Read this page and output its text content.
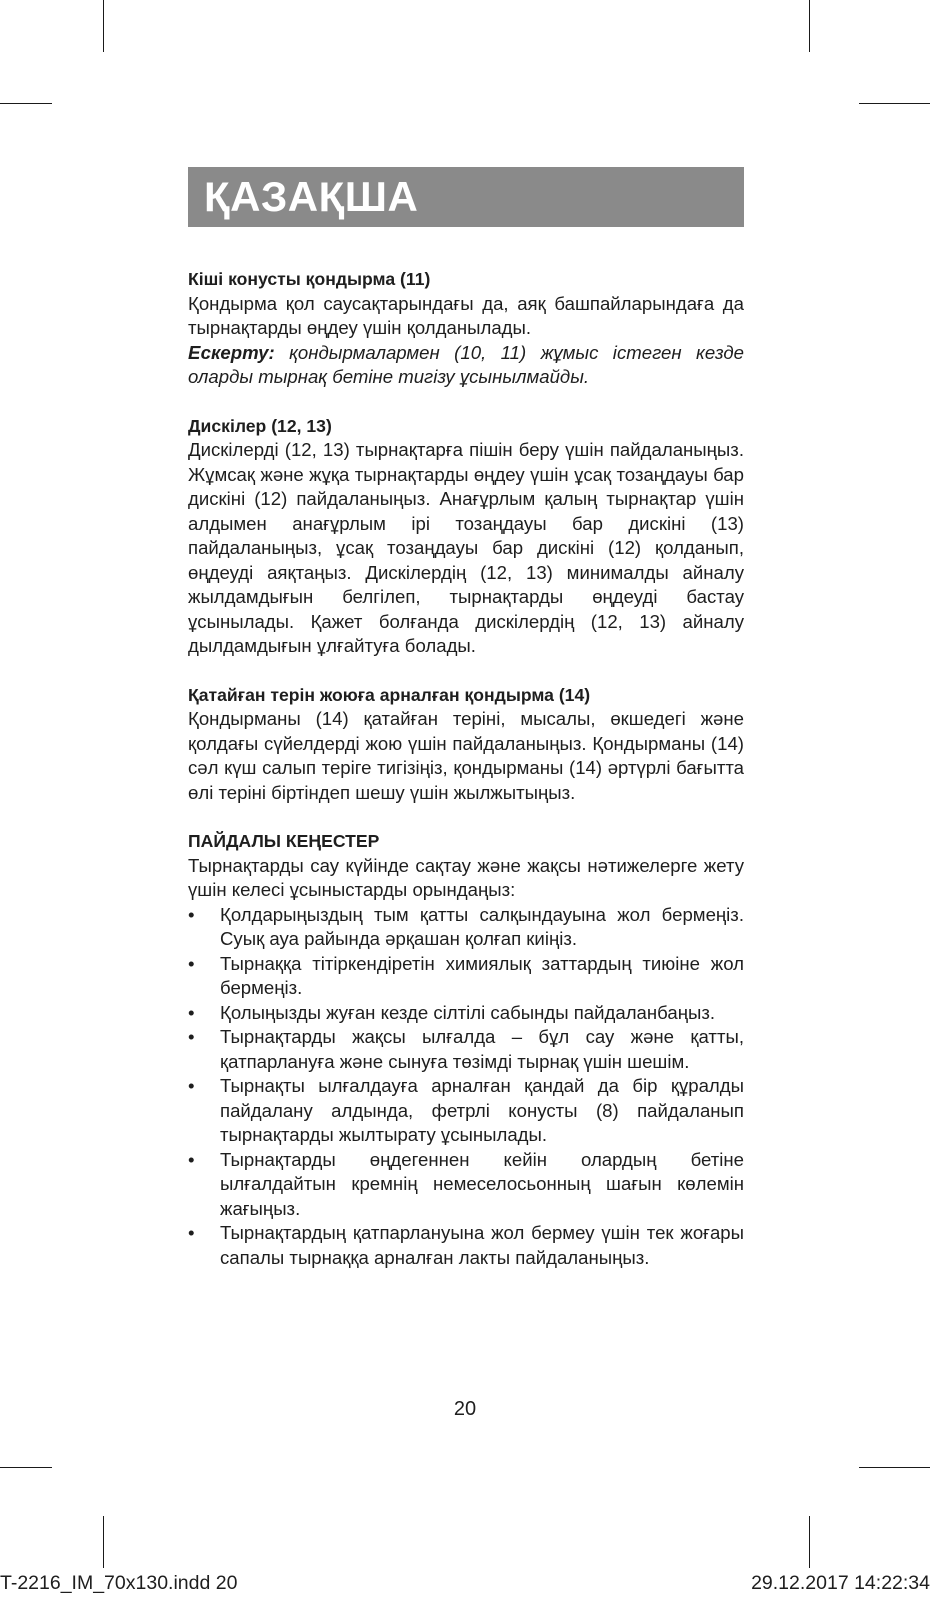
ҚАЗАҚША

Кіші конусты қондырма (11)

Қондырма қол саусақтарындағы да, аяқ башпайларындаға да тырнақтарды өңдеу үшін қолданылады.

Ескерту: қондырмалармен (10, 11) жұмыс істеген кезде оларды тырнақ бетіне тигізу ұсынылмайды.

Дискілер (12, 13)

Дискілерді (12, 13) тырнақтарға пішін беру үшін пайдаланыңыз. Жұмсақ және жұқа тырнақтарды өңдеу үшін ұсақ тозаңдауы бар дискіні (12) пайдаланыңыз. Анағұрлым қалың тырнақтар үшін алдымен анағұрлым ірі тозаңдауы бар дискіні (13) пайдаланыңыз, ұсақ тозаңдауы бар дискіні (12) қолданып, өңдеуді аяқтаңыз. Дискілердің (12, 13) минималды айналу жылдамдығын белгілеп, тырнақтарды өңдеуді бастау ұсынылады. Қажет болғанда дискілердің (12, 13) айналу дылдамдығын ұлғайтуға болады.

Қатайған терін жоюға арналған қондырма (14)

Қондырманы (14) қатайған теріні, мысалы, өкшедегі және қолдағы сүйелдерді жою үшін пайдаланыңыз. Қондырманы (14) сәл күш салып теріге тигізіңіз, қондырманы (14) әртүрлі бағытта өлі теріні біртіндеп шешу үшін жылжытыңыз.

ПАЙДАЛЫ КЕҢЕСТЕР

Тырнақтарды сау күйінде сақтау және жақсы нәтижелерге жету үшін келесі ұсыныстарды орындаңыз:

• Қолдарыңыздың тым қатты салқындауына жол бермеңіз. Суық ауа райында әрқашан қолғап киіңіз.
• Тырнаққа тітіркендіретін химиялық заттардың тиюіне жол бермеңіз.
• Қолыңызды жуған кезде сілтілі сабынды пайдаланбаңыз.
• Тырнақтарды жақсы ылғалда – бұл сау және қатты, қатпарлануға және сынуға төзімді тырнақ үшін шешім.
• Тырнақты ылғалдауға арналған қандай да бір құралды пайдалану алдында, фетрлі конусты (8) пайдаланып тырнақтарды жылтырату ұсынылады.
• Тырнақтарды өңдегеннен кейін олардың бетіне ылғалдайтын кремнің немеселосьонның шағын көлемін жағыңыз.
• Тырнақтардың қатпарлануына жол бермеу үшін тек жоғары сапалы тырнаққа арналған лакты пайдаланыңыз.
20
T-2216_IM_70x130.indd 20	29.12.2017 14:22:34
